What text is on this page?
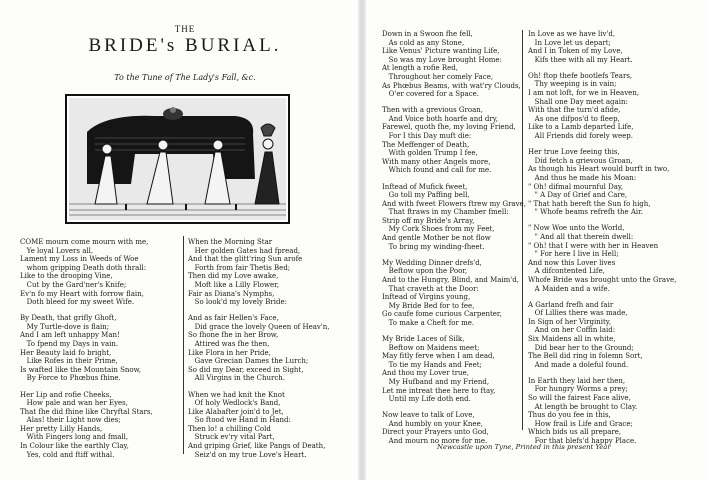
THE
BRIDE's BURIAL.
To the Tune of The Lady's Fall, &c.
COME mourn come mourn with me,
Ye loyal Lovers all,
Lament my Loss in Weeds of Woe
whom gripping Death doth thrall:
Like to the drooping Vine,
Cut by the Gard'ner's Knife;
Ev'n fo my Heart with forrow flain,
Doth bleed for my sweet Wife.
By Death, that grifly Ghoft,
My Turtle-dove is flain;
And I am left unhappy Man!
To fpend my Days in vain.
Her Beauty laid fo bright,
Like Rofes in their Prime,
Is wafted like the Mountain Snow,
By Force to Phœbus fhine.
Her Lip and rofie Cheeks,
How pale and wan her Eyes,
That fhe did fhine like Chryftal Stars,
Alas! their Light now dies;
Her pretty Lilly Hands,
With Fingers long and fmall,
In Colour like the earthly Clay,
Yes, cold and ftiff withal.
When the Morning Star
Her golden Gates had fpread,
And that the glitt'ring Sun arofe
Forth from fair Thetis Bed;
Then did my Love awake,
Moft like a Lilly Flower,
Fair as Diana's Nymphs,
So look'd my lovely Bride:
And as fair Hellen's Face,
Did grace the lovely Queen of Heav'n,
So fhone fhe in her Brow,
Attired was fhe then,
Like Flora in her Pride,
Gave Grecian Dames the Lurch;
So did my Dear, exceed in Sight,
All Virgins in the Church.
When we had knit the Knot
Of holy Wedlock's Band,
Like Alabafter join'd to Jet,
So ftood we Hand in Hand:
Then lo! a chilling Cold
Struck ev'ry vital Part,
And griping Grief, like Pangs of Death,
Seiz'd on my true Love's Heart.
Down in a Swoon fhe fell,
As cold as any Stone,
Like Venus' Picture wanting Life,
So was my Love brought Home:
At length a rofie Red,
Throughout her comely Face,
As Phœbus Beams, with wat'ry Clouds,
O'er covered for a Space.
Then with a grevious Groan,
And Voice both hoarfe and dry,
Farewel, quoth fhe, my loving Friend,
For I this Day muft die:
The Meffenger of Death,
With golden Trump I fee,
With many other Angels more,
Which found and call for me.
Inftead of Mufick fweet,
Go toll my Paffing bell,
And with fweet Flowers ftrew my Grave,
That ftraws in my Chamber fmell:
Strip off my Bride's Array,
My Cork Shoes from my Feet,
And gentle Mother be not flow
To bring my winding-fheet.
My Wedding Dinner drefs'd,
Beftow upon the Poor,
And to the Hungry, Blind, and Maim'd,
That craveth at the Door:
Inftead of Virgins young,
My Bride Bed for to fee,
Go caufe fome curious Carpenter,
To make a Cheft for me.
My Bride Laces of Silk,
Beftow on Maidens meet;
May fitly ferve when I am dead,
To tie my Hands and Feet;
And thou my Lover true,
My Hufband and my Friend,
Let me intreat thee here to ftay,
Until my Life doth end.
Now leave to talk of Love,
And humbly on your Knee,
Direct your Prayers unto God,
And mourn no more for me.
In Love as we have liv'd,
In Love let us depart;
And I in Token of my Love,
Kifs thee with all my Heart.
Oh! ftop thefe bootlefs Tears,
Thy weeping is in vain;
I am not loft, for we in Heaven,
Shall one Day meet again:
With that fhe turn'd afide,
As one difpos'd to fleep,
Like to a Lamb departed Life,
All Friends did forely weep.
Her true Love feeing this,
Did fetch a grievous Groan,
As though his Heart would burft in two,
And thus he made his Moan:
" Oh! difmal mournful Day,
" A Day of Grief and Care,
" That hath bereft the Sun fo high,
" Whofe beams refrefh the Air.
" Now Woe unto the World,
" And all that therein dwell:
" Oh! that I were with her in Heaven
" For here I live in Hell;
And now this Lover lives
A difcontented Life,
Whofe Bride was brought unto the Grave,
A Maiden and a wife.
A Garland frefh and fair
Of Lillies there was made,
In Sign of her Virginity,
And on her Coffin laid:
Six Maidens all in white,
Did bear her to the Ground;
The Bell did ring in folemn Sort,
And made a doleful found.
In Earth they laid her then,
For hungry Worms a prey;
So will the fairest Face alive,
At length be brought to Clay.
Thus do you fee in this,
How frail is Life and Grace;
Which bids us all prepare,
For that blefs'd happy Place.
Newcastle upon Tyne, Printed in this present Year
